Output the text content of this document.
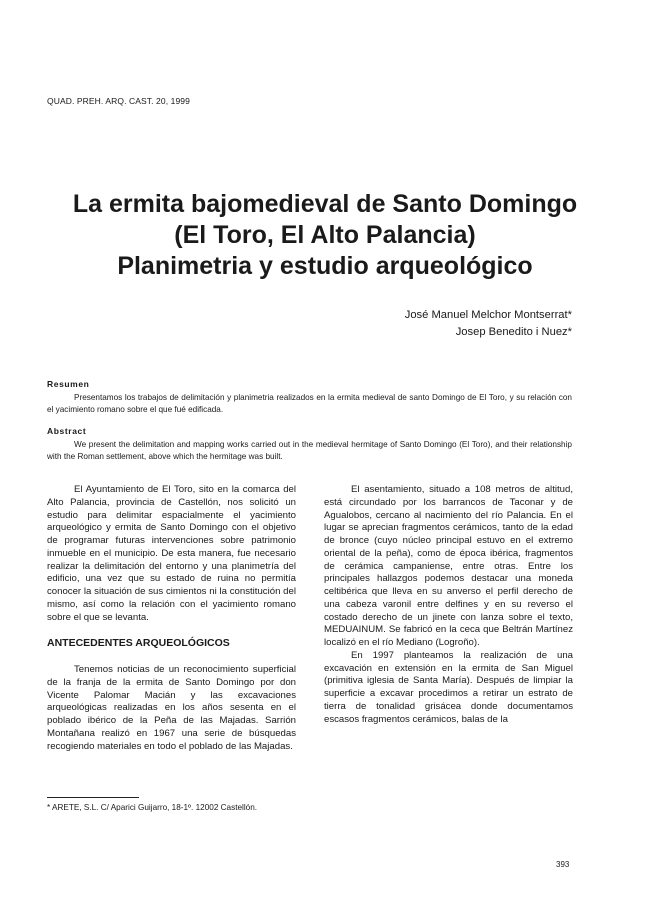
QUAD. PREH. ARQ. CAST. 20, 1999
La ermita bajomedieval de Santo Domingo
(El Toro, El Alto Palancia)
Planimetria y estudio arqueológico
José Manuel Melchor Montserrat*
Josep Benedito i Nuez*
Resumen
Presentamos los trabajos de delimitación y planimetria realizados en la ermita medieval de santo Domingo de El Toro, y su relación con el yacimiento romano sobre el que fué edificada.
Abstract
We present the delimitation and mapping works carried out in the medieval hermitage of Santo Domingo (El Toro), and their relationship with the Roman settlement, above which the hermitage was built.

El Ayuntamiento de El Toro, sito en la comarca del Alto Palancia, provincia de Castellón, nos solicitó un estudio para delimitar espacialmente el yacimiento arqueológico y ermita de Santo Domingo con el objetivo de programar futuras intervenciones sobre patrimonio inmueble en el municipio. De esta manera, fue necesario realizar la delimitación del entorno y una planimetría del edificio, una vez que su estado de ruina no permitía conocer la situación de sus cimientos ni la constitución del mismo, así como la relación con el yacimiento romano sobre el que se levanta.

ANTECEDENTES ARQUEOLÓGICOS

Tenemos noticias de un reconocimiento superficial de la franja de la ermita de Santo Domingo por don Vicente Palomar Macián y las excavaciones arqueológicas realizadas en los años sesenta en el poblado ibérico de la Peña de las Majadas. Sarrión Montañana realizó en 1967 una serie de búsquedas recogiendo materiales en todo el poblado de las Majadas.

El asentamiento, situado a 108 metros de altitud, está circundado por los barrancos de Taconar y de Agualobos, cercano al nacimiento del río Palancia. En el lugar se aprecian fragmentos cerámicos, tanto de la edad de bronce (cuyo núcleo principal estuvo en el extremo oriental de la peña), como de época ibérica, fragmentos de cerámica campaniense, entre otras. Entre los principales hallazgos podemos destacar una moneda celtibérica que lleva en su anverso el perfil derecho de una cabeza varonil entre delfines y en su reverso el costado derecho de un jinete con lanza sobre el texto, MEDUAINUM. Se fabricó en la ceca que Beltrán Martínez localizó en el río Mediano (Logroño).

En 1997 planteamos la realización de una excavación en extensión en la ermita de San Miguel (primitiva iglesia de Santa María). Después de limpiar la superficie a excavar procedimos a retirar un estrato de tierra de tonalidad grisácea donde documentamos escasos fragmentos cerámicos, balas de la

* ARETE, S.L. C/ Aparici Guijarro, 18-1º. 12002 Castellón.
393
